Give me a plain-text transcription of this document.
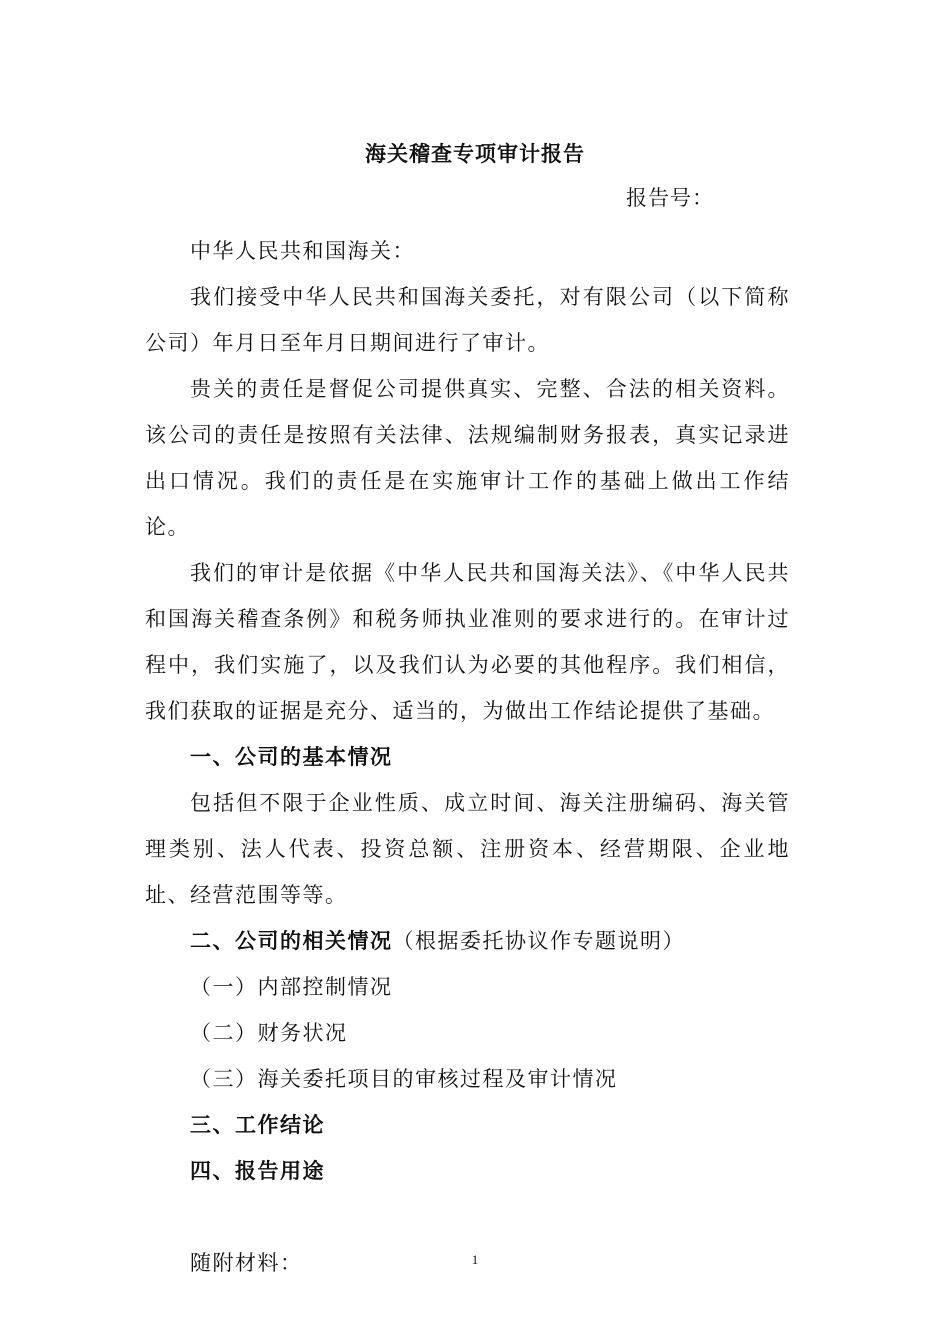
海关稽查专项审计报告
报告号：

中华人民共和国海关：

我们接受中华人民共和国海关委托，对有限公司（以下简称公司）年月日至年月日期间进行了审计。

贵关的责任是督促公司提供真实、完整、合法的相关资料。该公司的责任是按照有关法律、法规编制财务报表，真实记录进出口情况。我们的责任是在实施审计工作的基础上做出工作结论。

我们的审计是依据《中华人民共和国海关法》、《中华人民共和国海关稽查条例》和税务师执业准则的要求进行的。在审计过程中，我们实施了，以及我们认为必要的其他程序。我们相信，我们获取的证据是充分、适当的，为做出工作结论提供了基础。

一、公司的基本情况

包括但不限于企业性质、成立时间、海关注册编码、海关管理类别、法人代表、投资总额、注册资本、经营期限、企业地址、经营范围等等。

二、公司的相关情况（根据委托协议作专题说明）

（一）内部控制情况

（二）财务状况

（三）海关委托项目的审核过程及审计情况

三、工作结论

四、报告用途

随附材料：	1
